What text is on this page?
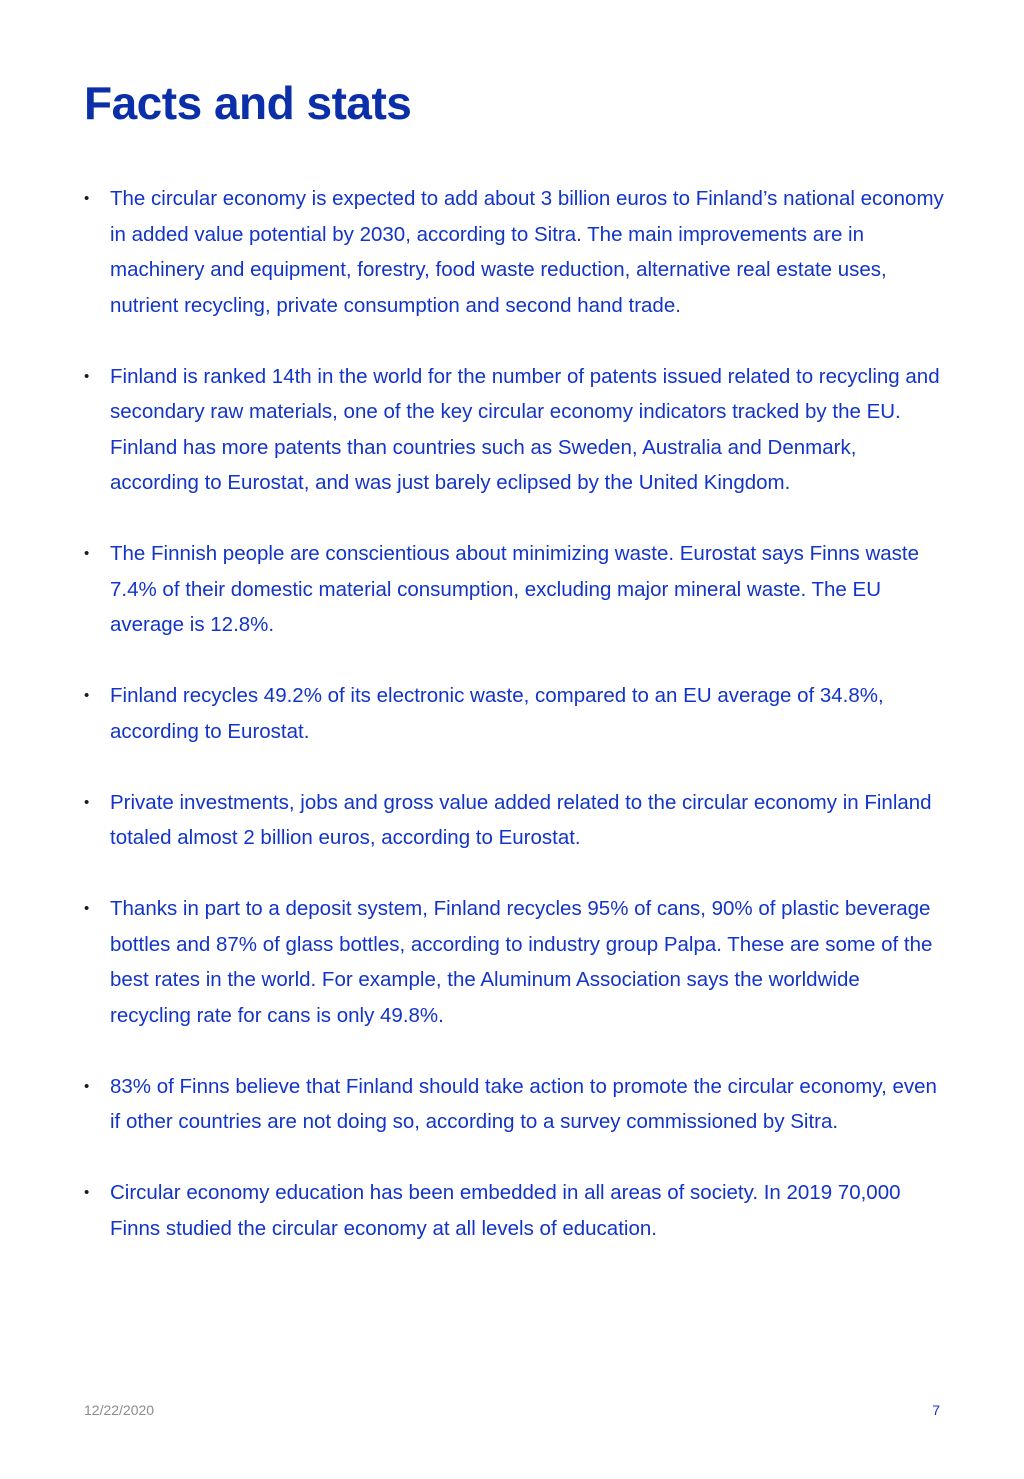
Facts and stats
• The circular economy is expected to add about 3 billion euros to Finland’s national economy in added value potential by 2030, according to Sitra. The main improvements are in machinery and equipment, forestry, food waste reduction, alternative real estate uses, nutrient recycling, private consumption and second hand trade.
• Finland is ranked 14th in the world for the number of patents issued related to recycling and secondary raw materials, one of the key circular economy indicators tracked by the EU. Finland has more patents than countries such as Sweden, Australia and Denmark, according to Eurostat, and was just barely eclipsed by the United Kingdom.
• The Finnish people are conscientious about minimizing waste. Eurostat says Finns waste 7.4% of their domestic material consumption, excluding major mineral waste. The EU average is 12.8%.
• Finland recycles 49.2% of its electronic waste, compared to an EU average of 34.8%, according to Eurostat.
• Private investments, jobs and gross value added related to the circular economy in Finland totaled almost 2 billion euros, according to Eurostat.
• Thanks in part to a deposit system, Finland recycles 95% of cans, 90% of plastic beverage bottles and 87% of glass bottles, according to industry group Palpa. These are some of the best rates in the world. For example, the Aluminum Association says the worldwide recycling rate for cans is only 49.8%.
• 83% of Finns believe that Finland should take action to promote the circular economy, even if other countries are not doing so, according to a survey commissioned by Sitra.
• Circular economy education has been embedded in all areas of society. In 2019 70,000 Finns studied the circular economy at all levels of education.
12/22/2020	7
